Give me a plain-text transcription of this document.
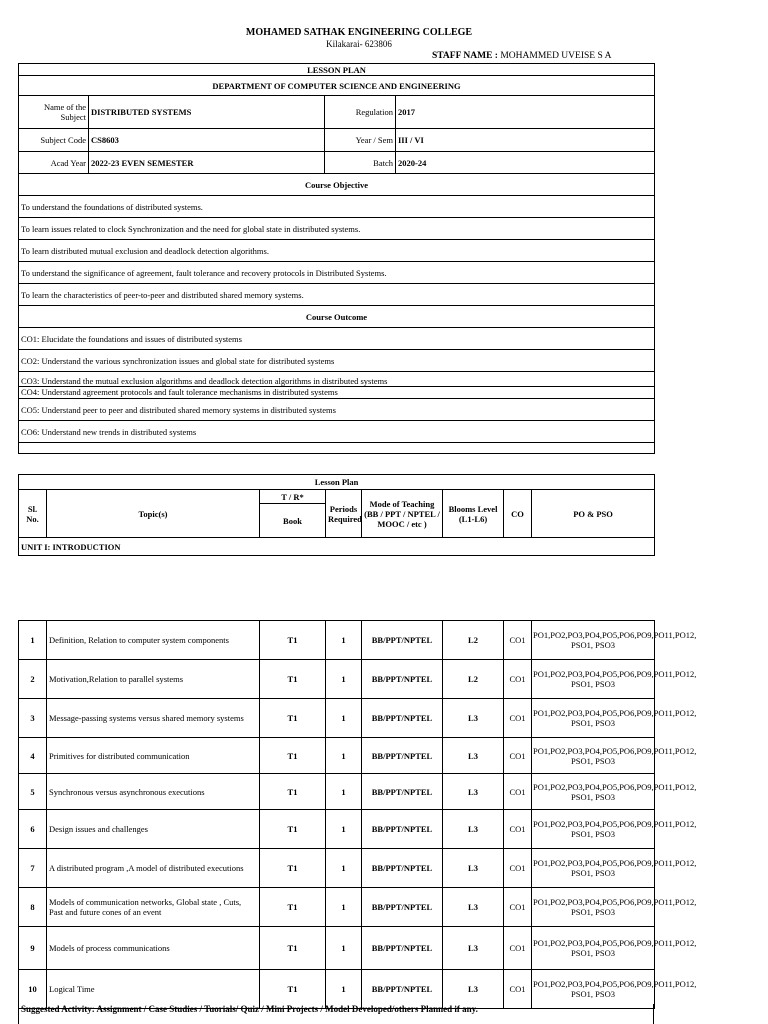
MOHAMED SATHAK ENGINEERING COLLEGE
Kilakarai- 623806
STAFF NAME : MOHAMMED UVEISE S A
LESSON PLAN			
DEPARTMENT OF COMPUTER SCIENCE AND ENGINEERING			
Name of the Subject	DISTRIBUTED SYSTEMS	Regulation	2017
Subject Code	CS8603	Year / Sem	III / VI
Acad Year	2022-23 EVEN SEMESTER	Batch	2020-24
Course Objective			
To understand the foundations of distributed systems.			
To learn issues related to clock Synchronization and the need for global state in distributed systems.			
To learn distributed mutual exclusion and deadlock detection algorithms.			
To understand the significance of agreement, fault tolerance and recovery protocols in Distributed Systems.			
To learn the characteristics of peer-to-peer and distributed shared memory systems.			
Course Outcome			
CO1: Elucidate the foundations and issues of distributed systems			
CO2: Understand the various synchronization issues and global state for distributed systems			
CO3: Understand the mutual exclusion algorithms and deadlock detection algorithms in distributed systems			
CO4: Understand agreement protocols and fault tolerance mechanisms in distributed systems			
CO5: Understand peer to peer and distributed shared memory systems in distributed systems			
CO6: Understand new trends in distributed systems			

Lesson Plan
Sl. No.	Topic(s)	T / R*	Periods Required	Mode of Teaching (BB / PPT / NPTEL / MOOC / etc )	Blooms Level (L1-L6)	CO	PO & PSO
Book
UNIT I: INTRODUCTION
1	Definition, Relation to computer system components	T1	1	BB/PPT/NPTEL	L2	CO1	PO1,PO2,PO3,PO4,PO5,PO6,PO9,PO11,PO12, PSO1, PSO3
2	Motivation,Relation to parallel systems	T1	1	BB/PPT/NPTEL	L2	CO1	PO1,PO2,PO3,PO4,PO5,PO6,PO9,PO11,PO12, PSO1, PSO3
3	Message-passing systems versus shared memory systems	T1	1	BB/PPT/NPTEL	L3	CO1	PO1,PO2,PO3,PO4,PO5,PO6,PO9,PO11,PO12, PSO1, PSO3
4	Primitives for distributed communication	T1	1	BB/PPT/NPTEL	L3	CO1	PO1,PO2,PO3,PO4,PO5,PO6,PO9,PO11,PO12, PSO1, PSO3
5	Synchronous versus asynchronous executions	T1	1	BB/PPT/NPTEL	L3	CO1	PO1,PO2,PO3,PO4,PO5,PO6,PO9,PO11,PO12, PSO1, PSO3
6	Design issues and challenges	T1	1	BB/PPT/NPTEL	L3	CO1	PO1,PO2,PO3,PO4,PO5,PO6,PO9,PO11,PO12, PSO1, PSO3
7	A distributed program ,A model of distributed executions	T1	1	BB/PPT/NPTEL	L3	CO1	PO1,PO2,PO3,PO4,PO5,PO6,PO9,PO11,PO12, PSO1, PSO3
8	Models of communication networks, Global state , Cuts, Past and future cones of an event	T1	1	BB/PPT/NPTEL	L3	CO1	PO1,PO2,PO3,PO4,PO5,PO6,PO9,PO11,PO12, PSO1, PSO3
9	Models of process communications	T1	1	BB/PPT/NPTEL	L3	CO1	PO1,PO2,PO3,PO4,PO5,PO6,PO9,PO11,PO12, PSO1, PSO3
10	Logical Time	T1	1	BB/PPT/NPTEL	L3	CO1	PO1,PO2,PO3,PO4,PO5,PO6,PO9,PO11,PO12, PSO1, PSO3
Suggested Activity: Assignment / Case Studies / Tuorials/ Quiz / Mini Projects / Model Developed/others Planned if any.
